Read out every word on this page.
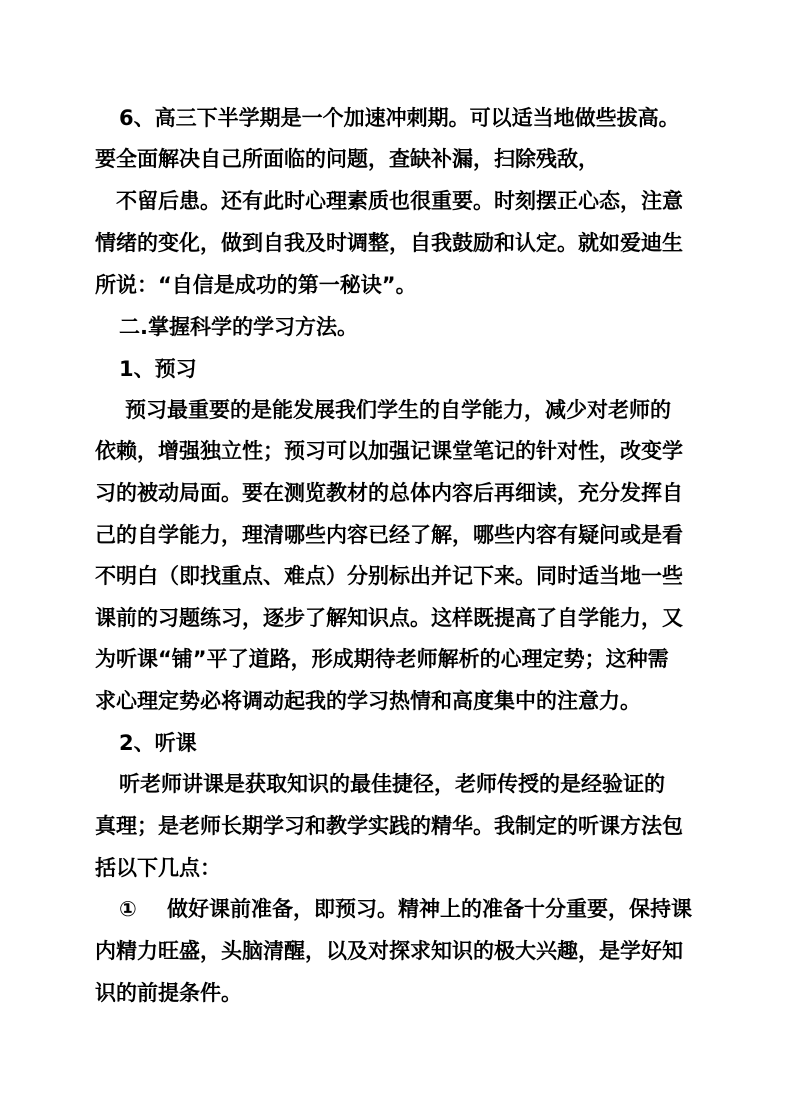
6、高三下半学期是一个加速冲刺期。可以适当地做些拔高。

要全面解决自己所面临的问题，查缺补漏，扫除残敌，

不留后患。还有此时心理素质也很重要。时刻摆正心态，注意

情绪的变化，做到自我及时调整，自我鼓励和认定。就如爱迪生

所说：“自信是成功的第一秘诀”。

二.掌握科学的学习方法。

1、预习

预习最重要的是能发展我们学生的自学能力，减少对老师的

依赖，增强独立性；预习可以加强记课堂笔记的针对性，改变学

习的被动局面。要在测览教材的总体内容后再细读，充分发挥自

己的自学能力，理清哪些内容已经了解，哪些内容有疑问或是看

不明白（即找重点、难点）分别标出并记下来。同时适当地一些

课前的习题练习，逐步了解知识点。这样既提高了自学能力，又

为听课“铺”平了道路，形成期待老师解析的心理定势；这种需

求心理定势必将调动起我的学习热情和高度集中的注意力。

2、听课

听老师讲课是获取知识的最佳捷径，老师传授的是经验证的

真理；是老师长期学习和教学实践的精华。我制定的听课方法包

括以下几点：

① 做好课前准备，即预习。精神上的准备十分重要，保持课

内精力旺盛，头脑清醒，以及对探求知识的极大兴趣，是学好知

识的前提条件。
